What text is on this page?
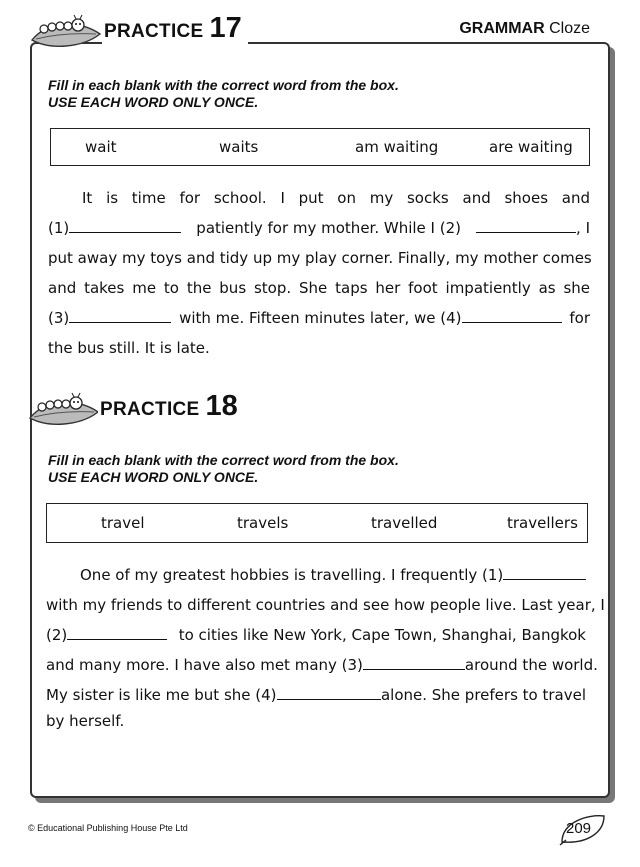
PRACTICE 17	GRAMMAR Cloze
Fill in each blank with the correct word from the box.
USE EACH WORD ONLY ONCE.
wait	waits	am waiting	are waiting
It is time for school. I put on my socks and shoes and
(1)	patiently for my mother. While I (2)	, I
put away my toys and tidy up my play corner. Finally, my mother comes
and takes me to the bus stop. She taps her foot impatiently as she
(3)	with me. Fifteen minutes later, we (4)	for
the bus still. It is late.
PRACTICE 18
Fill in each blank with the correct word from the box.
USE EACH WORD ONLY ONCE.
travel	travels	travelled	travellers
One of my greatest hobbies is travelling. I frequently (1)
with my friends to different countries and see how people live. Last year, I
(2)	to cities like New York, Cape Town, Shanghai, Bangkok
and many more. I have also met many (3)	around the world.
My sister is like me but she (4)	alone. She prefers to travel
by herself.
© Educational Publishing House Pte Ltd	209
